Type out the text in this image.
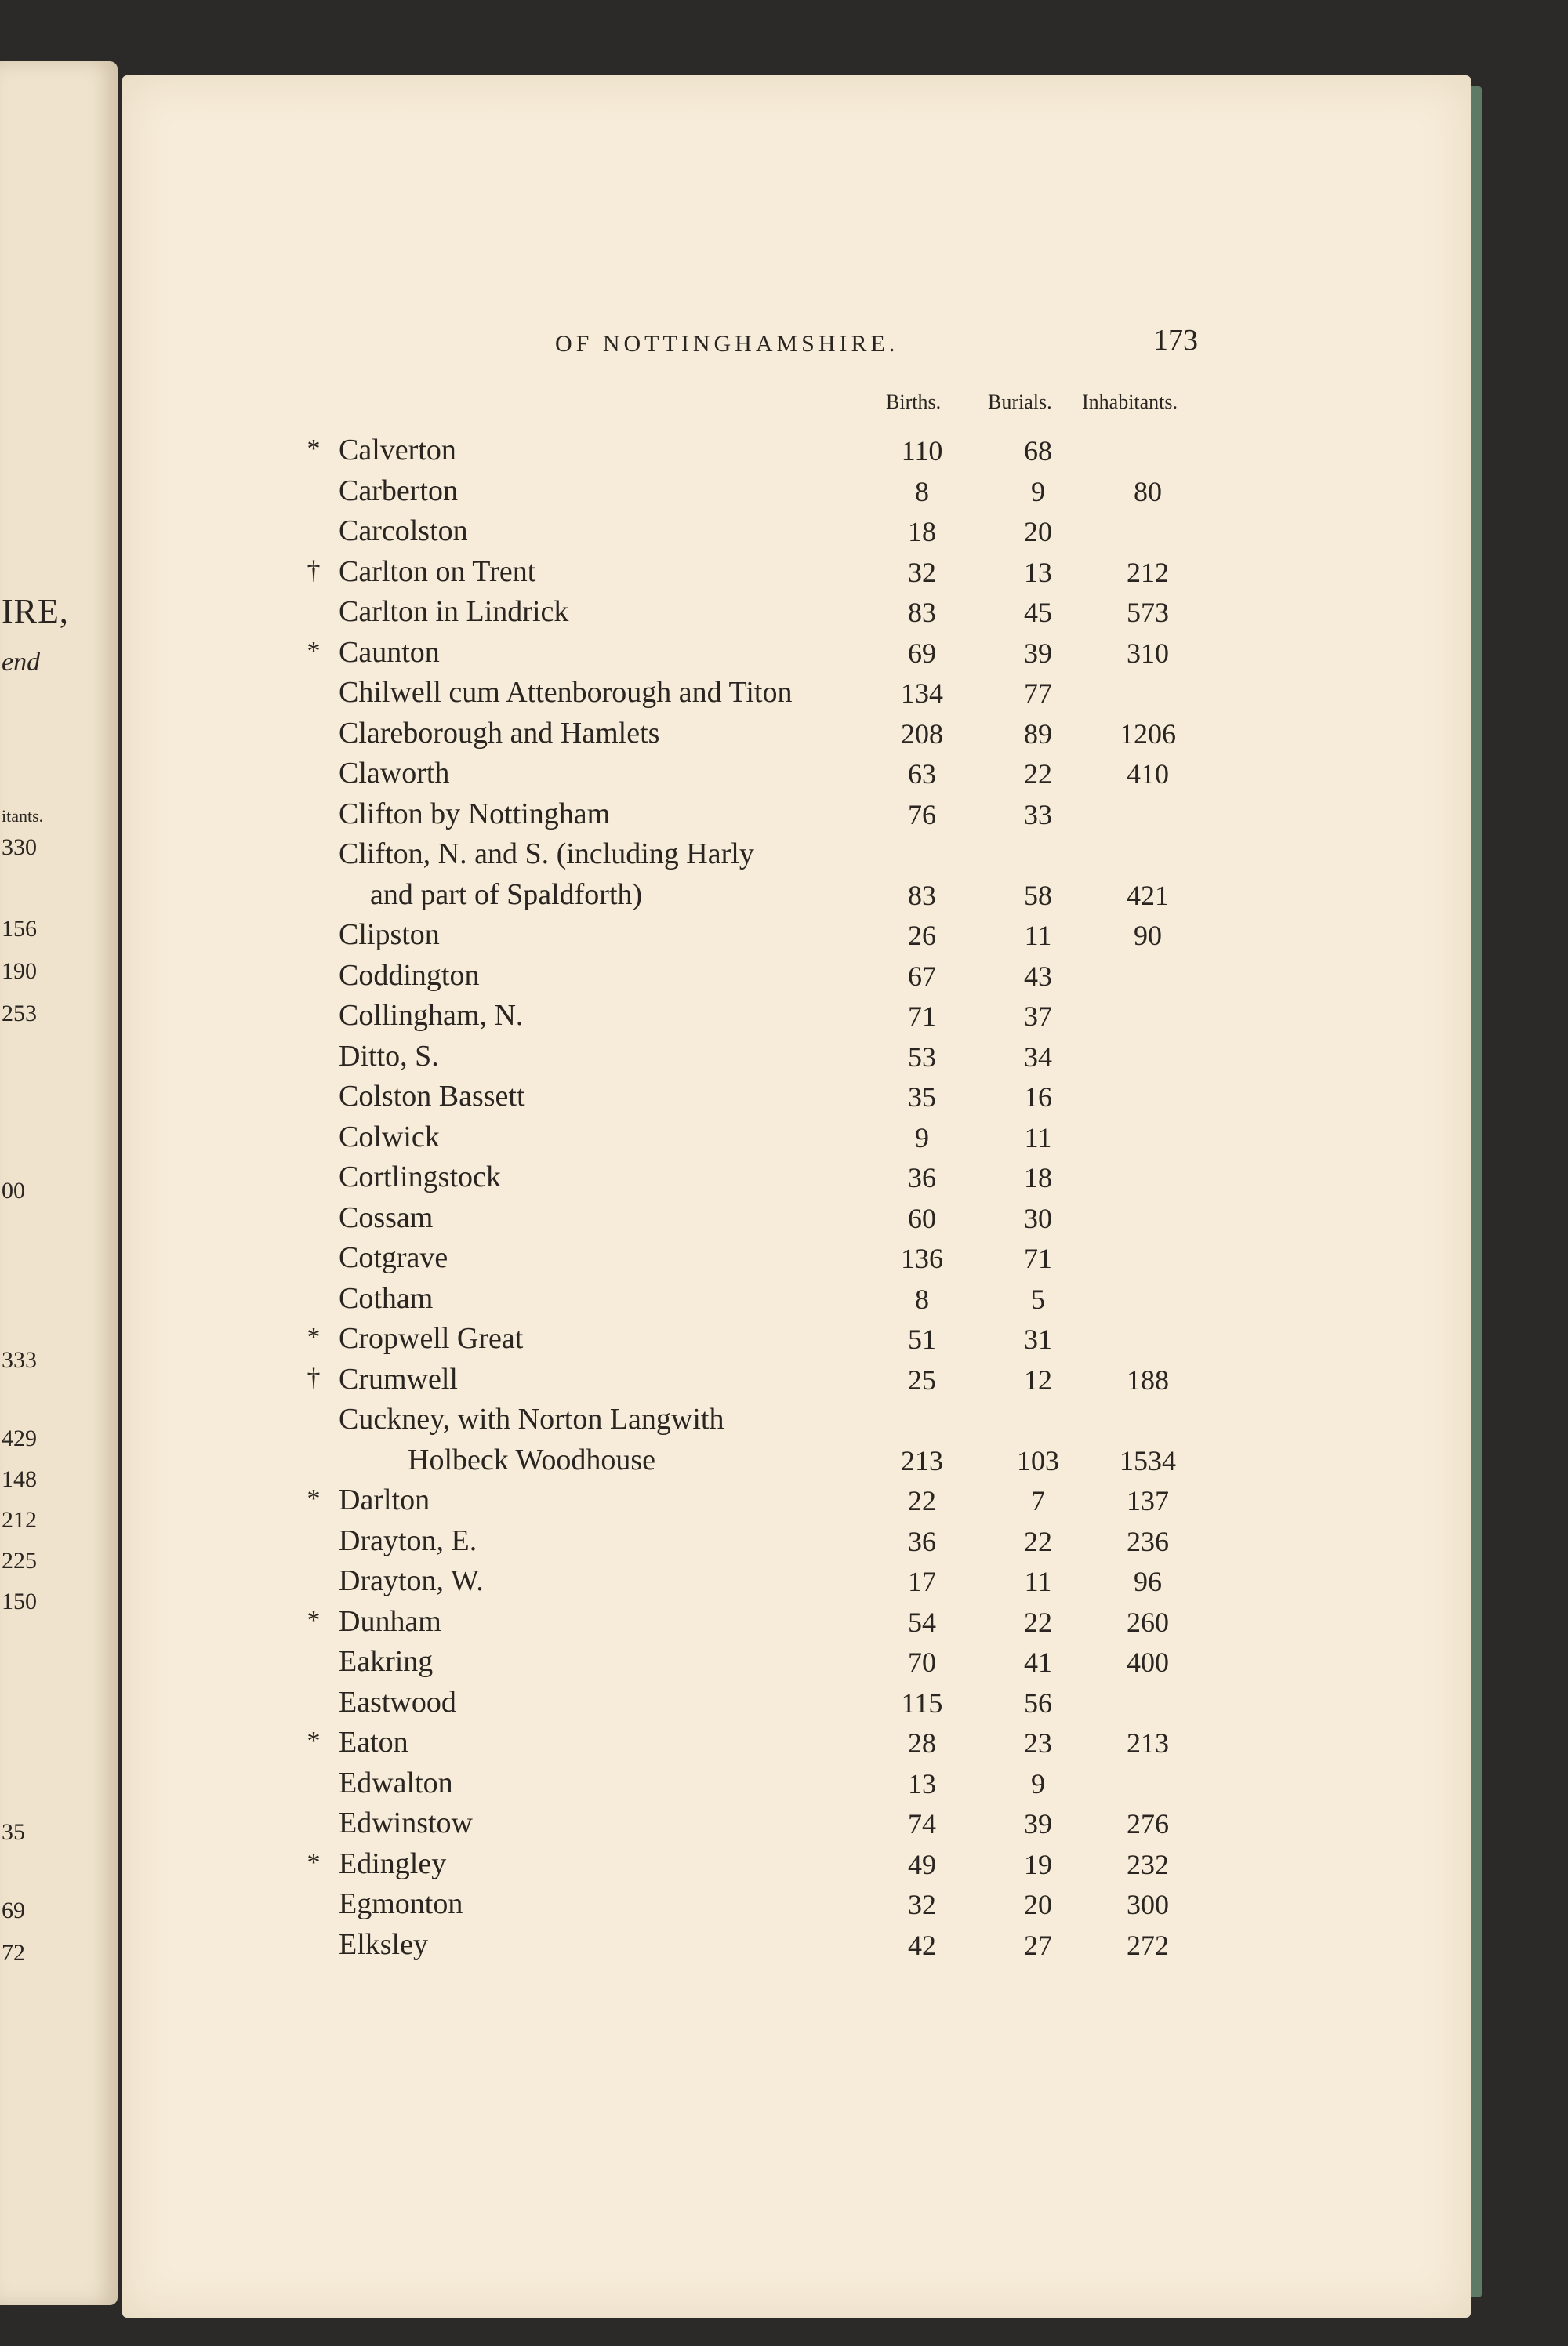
IRE,
end
itants.
330
156
190
253
00
333
429
148
212
225
150
35
69
72
OF NOTTINGHAMSHIRE.	173
Births. Burials. Inhabitants.
* Calverton	110	68
Carberton	8	9	80
Carcolston	18	20
† Carlton on Trent	32	13	212
Carlton in Lindrick	83	45	573
* Caunton	69	39	310
Chilwell cum Attenborough and Titon	134	77
Clareborough and Hamlets	208	89	1206
Claworth	63	22	410
Clifton by Nottingham	76	33
Clifton, N. and S. (including Harly
and part of Spaldforth)	83	58	421
Clipston	26	11	90
Coddington	67	43
Collingham, N.	71	37
Ditto, S.	53	34
Colston Bassett	35	16
Colwick	9	11
Cortlingstock	36	18
Cossam	60	30
Cotgrave	136	71
Cotham	8	5
* Cropwell Great	51	31
† Crumwell	25	12	188
Cuckney, with Norton Langwith
Holbeck Woodhouse	213	103	1534
* Darlton	22	7	137
Drayton, E.	36	22	236
Drayton, W.	17	11	96
* Dunham	54	22	260
Eakring	70	41	400
Eastwood	115	56
* Eaton	28	23	213
Edwalton	13	9
Edwinstow	74	39	276
* Edingley	49	19	232
Egmonton	32	20	300
Elksley	42	27	272
